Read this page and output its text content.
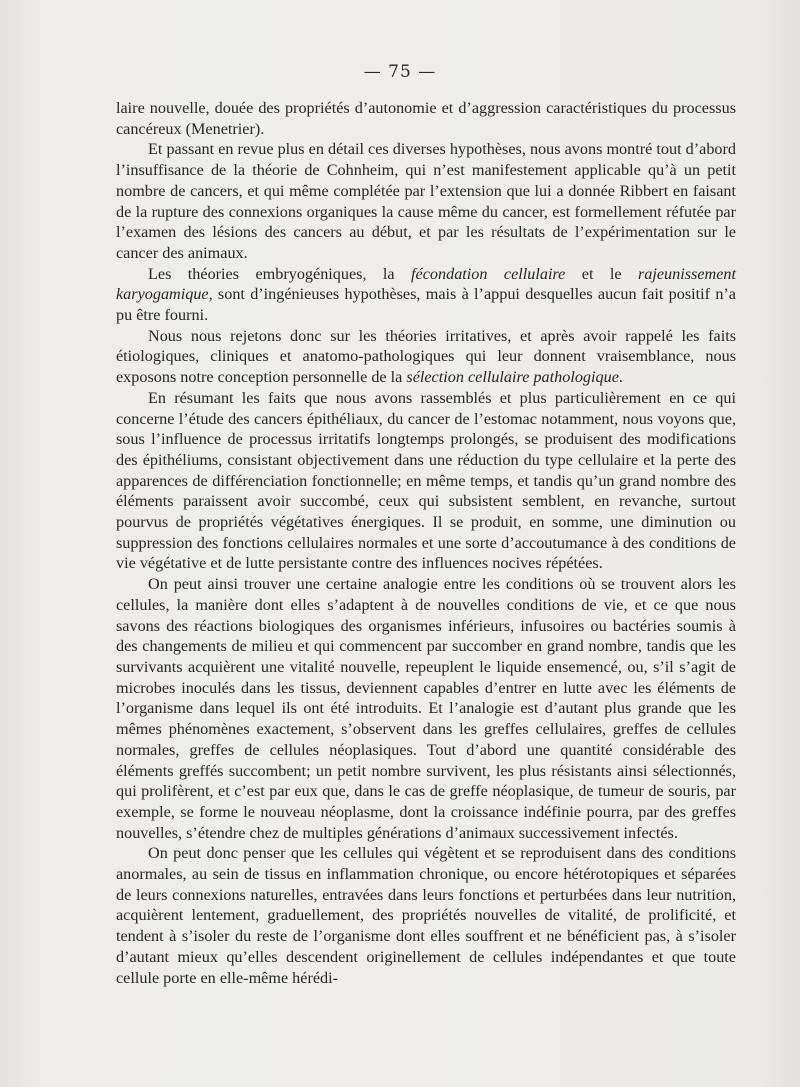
— 75 —

laire nouvelle, douée des propriétés d’autonomie et d’aggression caractéristiques du processus cancéreux (Menetrier).

Et passant en revue plus en détail ces diverses hypothèses, nous avons montré tout d’abord l’insuffisance de la théorie de Cohnheim, qui n’est manifestement applicable qu’à un petit nombre de cancers, et qui même complétée par l’extension que lui a donnée Ribbert en faisant de la rupture des connexions organiques la cause même du cancer, est formellement réfutée par l’examen des lésions des cancers au début, et par les résultats de l’expérimentation sur le cancer des animaux.

Les théories embryogéniques, la fécondation cellulaire et le rajeunissement karyogamique, sont d’ingénieuses hypothèses, mais à l’appui desquelles aucun fait positif n’a pu être fourni.

Nous nous rejetons donc sur les théories irritatives, et après avoir rappelé les faits étiologiques, cliniques et anatomo-pathologiques qui leur donnent vraisemblance, nous exposons notre conception personnelle de la sélection cellulaire pathologique.

En résumant les faits que nous avons rassemblés et plus particulièrement en ce qui concerne l’étude des cancers épithéliaux, du cancer de l’estomac notamment, nous voyons que, sous l’influence de processus irritatifs longtemps prolongés, se produisent des modifications des épithéliums, consistant objectivement dans une réduction du type cellulaire et la perte des apparences de différenciation fonctionnelle; en même temps, et tandis qu’un grand nombre des éléments paraissent avoir succombé, ceux qui subsistent semblent, en revanche, surtout pourvus de propriétés végétatives énergiques. Il se produit, en somme, une diminution ou suppression des fonctions cellulaires normales et une sorte d’accoutumance à des conditions de vie végétative et de lutte persistante contre des influences nocives répétées.

On peut ainsi trouver une certaine analogie entre les conditions où se trouvent alors les cellules, la manière dont elles s’adaptent à de nouvelles conditions de vie, et ce que nous savons des réactions biologiques des organismes inférieurs, infusoires ou bactéries soumis à des changements de milieu et qui commencent par succomber en grand nombre, tandis que les survivants acquièrent une vitalité nouvelle, repeuplent le liquide ensemencé, ou, s’il s’agit de microbes inoculés dans les tissus, deviennent capables d’entrer en lutte avec les éléments de l’organisme dans lequel ils ont été introduits. Et l’analogie est d’autant plus grande que les mêmes phénomènes exactement, s’observent dans les greffes cellulaires, greffes de cellules normales, greffes de cellules néoplasiques. Tout d’abord une quantité considérable des éléments greffés succombent; un petit nombre survivent, les plus résistants ainsi sélectionnés, qui prolifèrent, et c’est par eux que, dans le cas de greffe néoplasique, de tumeur de souris, par exemple, se forme le nouveau néoplasme, dont la croissance indéfinie pourra, par des greffes nouvelles, s’étendre chez de multiples générations d’animaux successivement infectés.

On peut donc penser que les cellules qui végètent et se reproduisent dans des conditions anormales, au sein de tissus en inflammation chronique, ou encore hétérotopiques et séparées de leurs connexions naturelles, entravées dans leurs fonctions et perturbées dans leur nutrition, acquièrent lentement, graduellement, des propriétés nouvelles de vitalité, de prolificité, et tendent à s’isoler du reste de l’organisme dont elles souffrent et ne bénéficient pas, à s’isoler d’autant mieux qu’elles descendent originellement de cellules indépendantes et que toute cellule porte en elle-même hérédi-
